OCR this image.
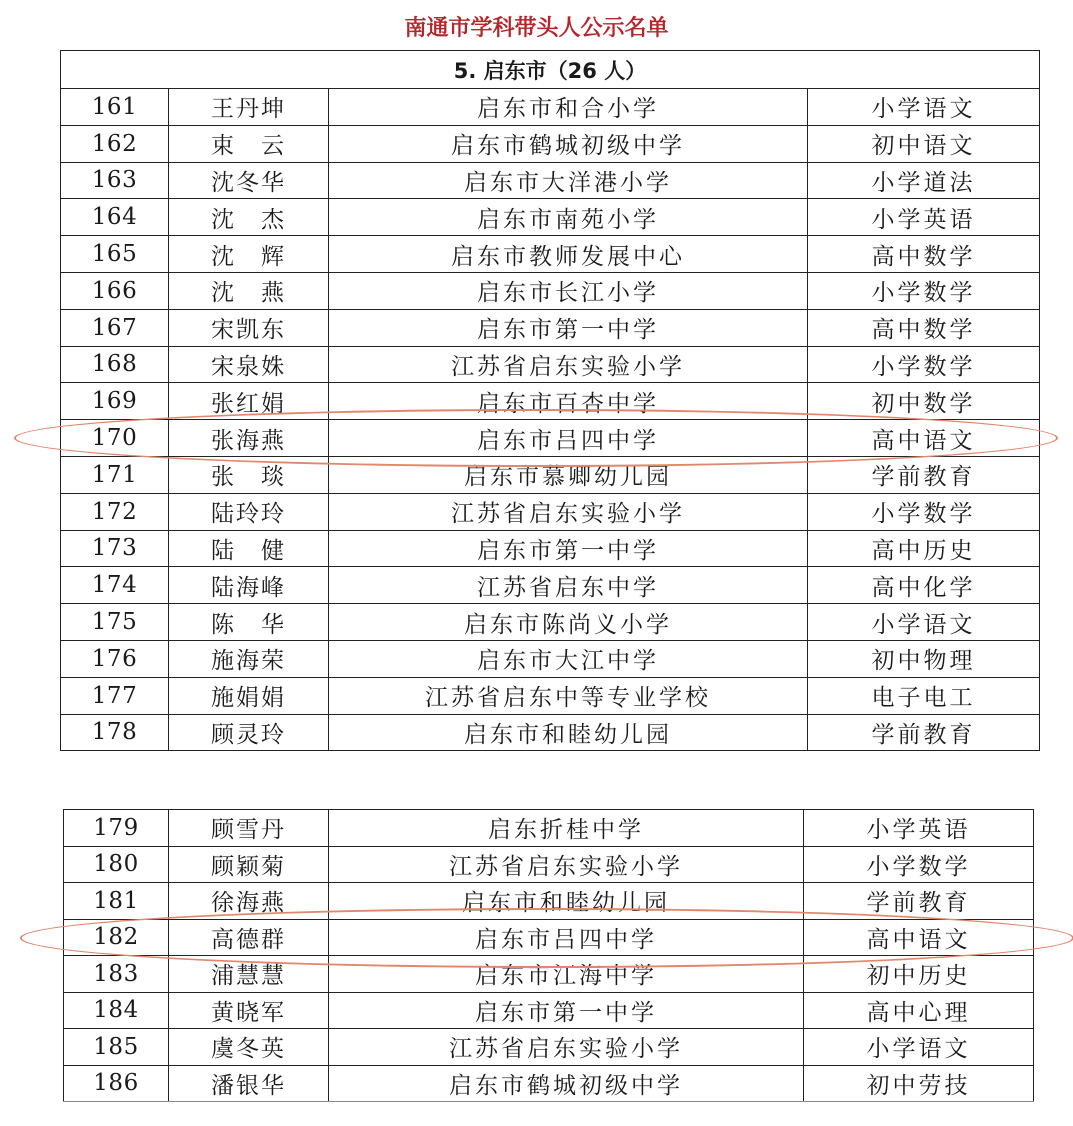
南通市学科带头人公示名单
5. 启东市（26 人）			
161	王丹坤	启东市和合小学	小学语文
162	束　云	启东市鹤城初级中学	初中语文
163	沈冬华	启东市大洋港小学	小学道法
164	沈　杰	启东市南苑小学	小学英语
165	沈　辉	启东市教师发展中心	高中数学
166	沈　燕	启东市长江小学	小学数学
167	宋凯东	启东市第一中学	高中数学
168	宋泉姝	江苏省启东实验小学	小学数学
169	张红娟	启东市百杏中学	初中数学
170	张海燕	启东市吕四中学	高中语文
171	张　琰	启东市慕卿幼儿园	学前教育
172	陆玲玲	江苏省启东实验小学	小学数学
173	陆　健	启东市第一中学	高中历史
174	陆海峰	江苏省启东中学	高中化学
175	陈　华	启东市陈尚义小学	小学语文
176	施海荣	启东市大江中学	初中物理
177	施娟娟	江苏省启东中等专业学校	电子电工
178	顾灵玲	启东市和睦幼儿园	学前教育
179	顾雪丹	启东折桂中学	小学英语
180	顾颖菊	江苏省启东实验小学	小学数学
181	徐海燕	启东市和睦幼儿园	学前教育
182	高德群	启东市吕四中学	高中语文
183	浦慧慧	启东市江海中学	初中历史
184	黄晓军	启东市第一中学	高中心理
185	虞冬英	江苏省启东实验小学	小学语文
186	潘银华	启东市鹤城初级中学	初中劳技
